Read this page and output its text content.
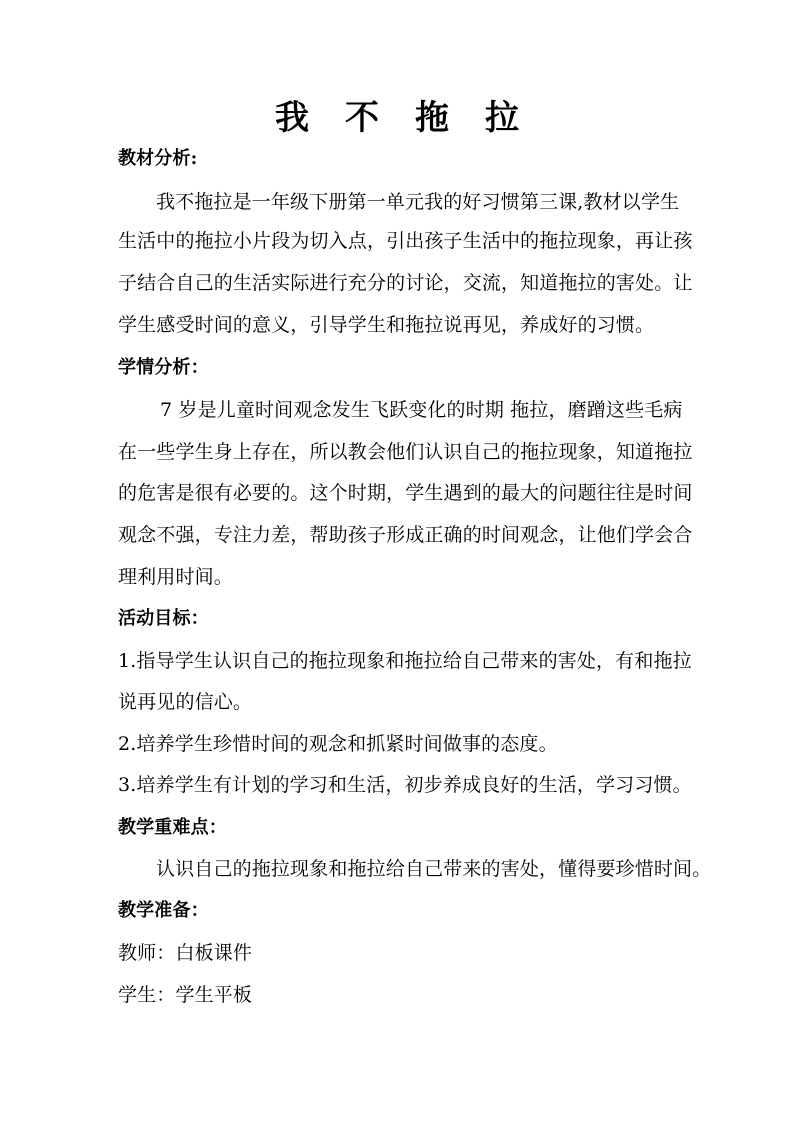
我 不 拖 拉
教材分析:
我不拖拉是一年级下册第一单元我的好习惯第三课,教材以学生
生活中的拖拉小片段为切入点，引出孩子生活中的拖拉现象，再让孩
子结合自己的生活实际进行充分的讨论，交流，知道拖拉的害处。让
学生感受时间的意义，引导学生和拖拉说再见，养成好的习惯。
学情分析：
7 岁是儿童时间观念发生飞跃变化的时期 拖拉，磨蹭这些毛病
在一些学生身上存在，所以教会他们认识自己的拖拉现象，知道拖拉
的危害是很有必要的。这个时期，学生遇到的最大的问题往往是时间
观念不强，专注力差，帮助孩子形成正确的时间观念，让他们学会合
理利用时间。
活动目标：
1.指导学生认识自己的拖拉现象和拖拉给自己带来的害处，有和拖拉
说再见的信心。
2.培养学生珍惜时间的观念和抓紧时间做事的态度。
3.培养学生有计划的学习和生活，初步养成良好的生活，学习习惯。
教学重难点：
认识自己的拖拉现象和拖拉给自己带来的害处，懂得要珍惜时间。
教学准备：
教师：白板课件
学生：学生平板
